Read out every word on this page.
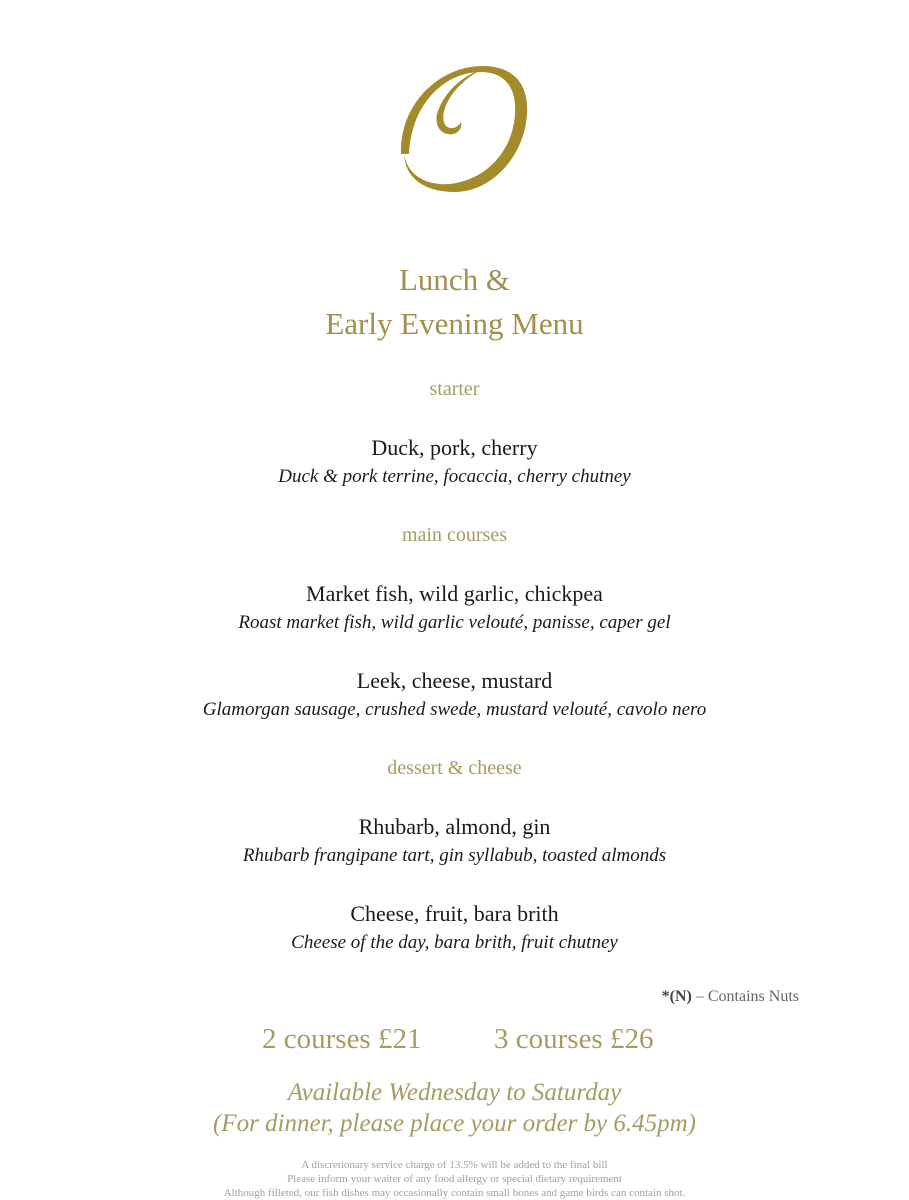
Lunch &
Early Evening Menu
starter
Duck, pork, cherry
Duck & pork terrine, focaccia, cherry chutney
main courses
Market fish, wild garlic, chickpea
Roast market fish, wild garlic velouté, panisse, caper gel
Leek, cheese, mustard
Glamorgan sausage, crushed swede, mustard velouté, cavolo nero
dessert & cheese
Rhubarb, almond, gin
Rhubarb frangipane tart, gin syllabub, toasted almonds
Cheese, fruit, bara brith
Cheese of the day, bara brith, fruit chutney
*(N) – Contains Nuts
2 courses £21	3 courses £26
Available Wednesday to Saturday
(For dinner, please place your order by 6.45pm)
A discretionary service charge of 13.5% will be added to the final bill
Please inform your waiter of any food allergy or special dietary requirement
Although filleted, our fish dishes may occasionally contain small bones and game birds can contain shot.
